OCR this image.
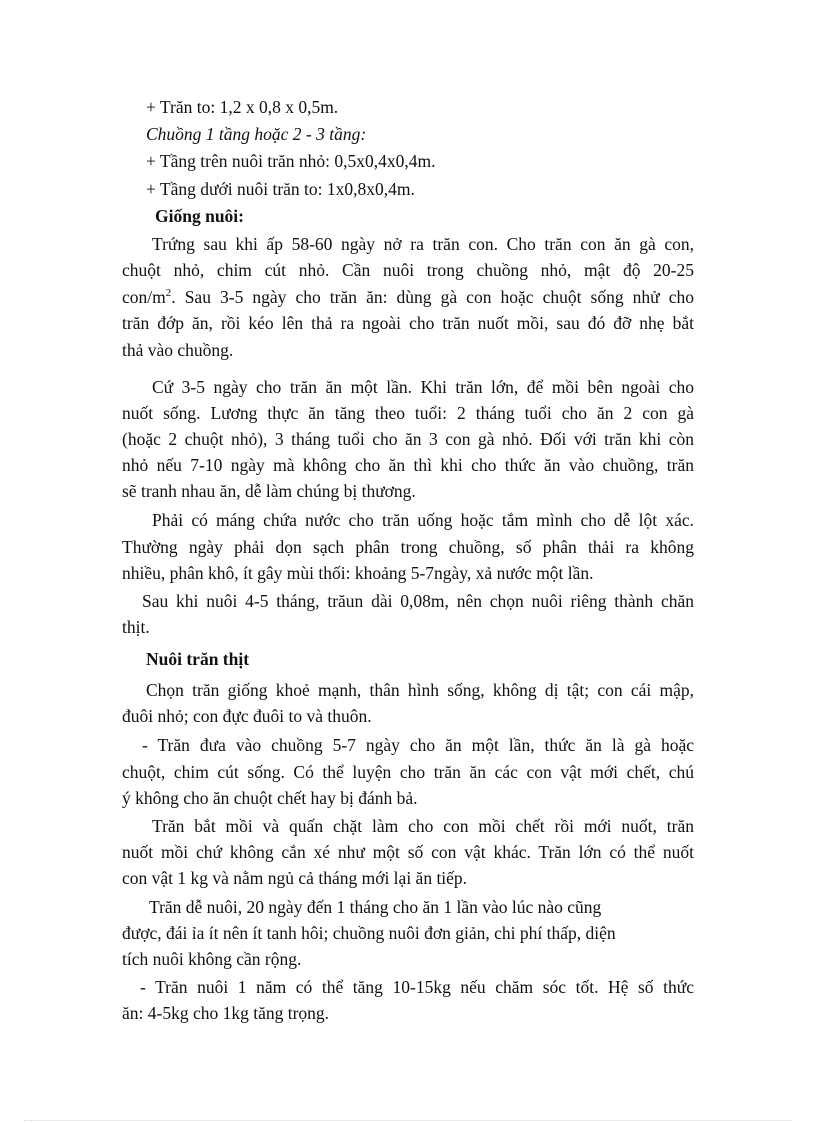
+ Trăn to: 1,2 x 0,8 x 0,5m.
Chuồng 1 tầng hoặc 2 - 3 tầng:
+ Tầng trên nuôi trăn nhỏ: 0,5x0,4x0,4m.
+ Tầng dưới nuôi trăn to: 1x0,8x0,4m.
Giống nuôi:
Trứng sau khi ấp 58-60 ngày nở ra trăn con. Cho trăn con ăn gà con,
chuột nhỏ, chim cút nhỏ. Cần nuôi trong chuồng nhỏ, mật độ 20-25
con/$m^2$. Sau 3-5 ngày cho trăn ăn: dùng gà con hoặc chuột sống nhử cho
trăn đớp ăn, rồi kéo lên thả ra ngoài cho trăn nuốt mồi, sau đó đỡ nhẹ bắt
thả vào chuồng.
Cứ 3-5 ngày cho trăn ăn một lần. Khi trăn lớn, để mồi bên ngoài cho
nuốt sống. Lương thực ăn tăng theo tuổi: 2 tháng tuổi cho ăn 2 con gà
(hoặc 2 chuột nhỏ), 3 tháng tuổi cho ăn 3 con gà nhỏ. Đối với trăn khi còn
nhỏ nếu 7-10 ngày mà không cho ăn thì khi cho thức ăn vào chuồng, trăn
sẽ tranh nhau ăn, dễ làm chúng bị thương.
Phải có máng chứa nước cho trăn uống hoặc tắm mình cho dễ lột xác.
Thường ngày phải dọn sạch phân trong chuồng, số phân thải ra không
nhiều, phân khô, ít gây mùi thối: khoảng 5-7ngày, xả nước một lần.
Sau khi nuôi 4-5 tháng, trăun dài 0,08m, nên chọn nuôi riêng thành chăn
thịt.
Nuôi trăn thịt
Chọn trăn giống khoẻ mạnh, thân hình sống, không dị tật; con cái mập,
đuôi nhỏ; con đực đuôi to và thuôn.
- Trăn đưa vào chuồng 5-7 ngày cho ăn một lần, thức ăn là gà hoặc
chuột, chim cút sống. Có thể luyện cho trăn ăn các con vật mới chết, chú
ý không cho ăn chuột chết hay bị đánh bả.
Trăn bắt mồi và quấn chặt làm cho con mồi chết rồi mới nuốt, trăn
nuốt mồi chứ không cắn xé như một số con vật khác. Trăn lớn có thể nuốt
con vật 1 kg và nằm ngủ cả tháng mới lại ăn tiếp.
Trăn dễ nuôi, 20 ngày đến 1 tháng cho ăn 1 lần vào lúc nào cũng
được, đái ỉa ít nên ít tanh hôi; chuồng nuôi đơn giản, chi phí thấp, diện
tích nuôi không cần rộng.
- Trăn nuôi 1 năm có thể tăng 10-15kg nếu chăm sóc tốt. Hệ số thức
ăn: 4-5kg cho 1kg tăng trọng.
